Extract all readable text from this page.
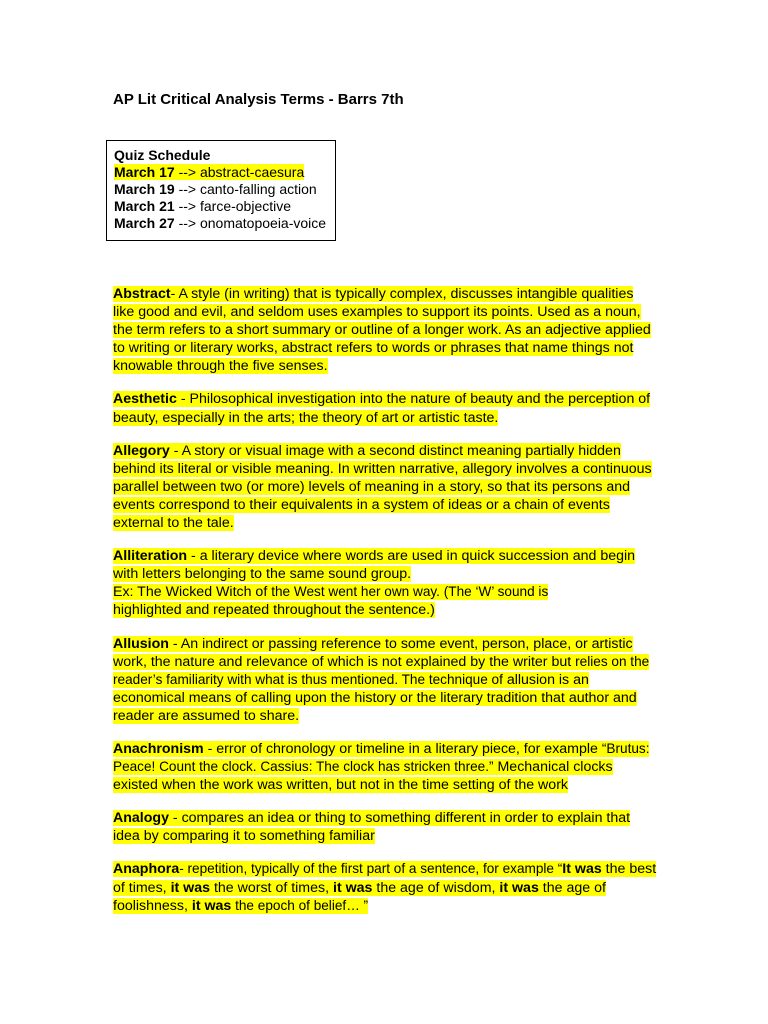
AP Lit Critical Analysis Terms - Barrs 7th
Quiz Schedule
March 17 --> abstract-caesura
March 19 --> canto-falling action
March 21 --> farce-objective
March 27 --> onomatopoeia-voice

Abstract- A style (in writing) that is typically complex, discusses intangible qualities like good and evil, and seldom uses examples to support its points. Used as a noun, the term refers to a short summary or outline of a longer work. As an adjective applied to writing or literary works, abstract refers to words or phrases that name things not knowable through the five senses.

Aesthetic - Philosophical investigation into the nature of beauty and the perception of beauty, especially in the arts; the theory of art or artistic taste.

Allegory - A story or visual image with a second distinct meaning partially hidden behind its literal or visible meaning. In written narrative, allegory involves a continuous parallel between two (or more) levels of meaning in a story, so that its persons and events correspond to their equivalents in a system of ideas or a chain of events external to the tale.

Alliteration - a literary device where words are used in quick succession and begin with letters belonging to the same sound group.
Ex: The Wicked Witch of the West went her own way. (The ‘W’ sound is
highlighted and repeated throughout the sentence.)

Allusion - An indirect or passing reference to some event, person, place, or artistic work, the nature and relevance of which is not explained by the writer but relies on the reader’s familiarity with what is thus mentioned. The technique of allusion is an economical means of calling upon the history or the literary tradition that author and reader are assumed to share.

Anachronism - error of chronology or timeline in a literary piece, for example “Brutus: Peace! Count the clock. Cassius: The clock has stricken three.” Mechanical clocks existed when the work was written, but not in the time setting of the work

Analogy - compares an idea or thing to something different in order to explain that idea by comparing it to something familiar

Anaphora- repetition, typically of the first part of a sentence, for example “It was the best of times, it was the worst of times, it was the age of wisdom, it was the age of foolishness, it was the epoch of belief… ”
